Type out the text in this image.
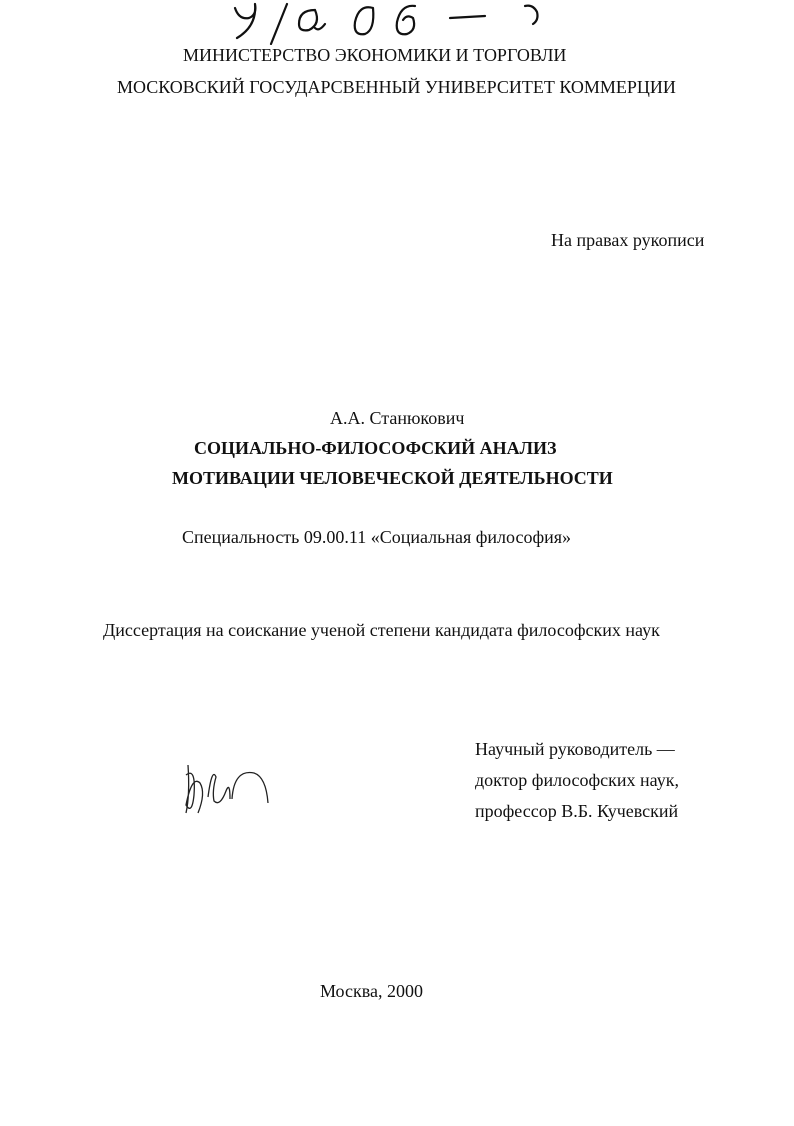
МИНИСТЕРСТВО ЭКОНОМИКИ И ТОРГОВЛИ
МОСКОВСКИЙ ГОСУДАРСВЕННЫЙ УНИВЕРСИТЕТ КОММЕРЦИИ
На правах рукописи
А.А. Станюкович
СОЦИАЛЬНО-ФИЛОСОФСКИЙ АНАЛИЗ
МОТИВАЦИИ ЧЕЛОВЕЧЕСКОЙ ДЕЯТЕЛЬНОСТИ
Специальность 09.00.11 «Социальная философия»
Диссертация на соискание ученой степени кандидата философских наук
Научный руководитель —
доктор философских наук,
профессор В.Б. Кучевский
Москва, 2000
